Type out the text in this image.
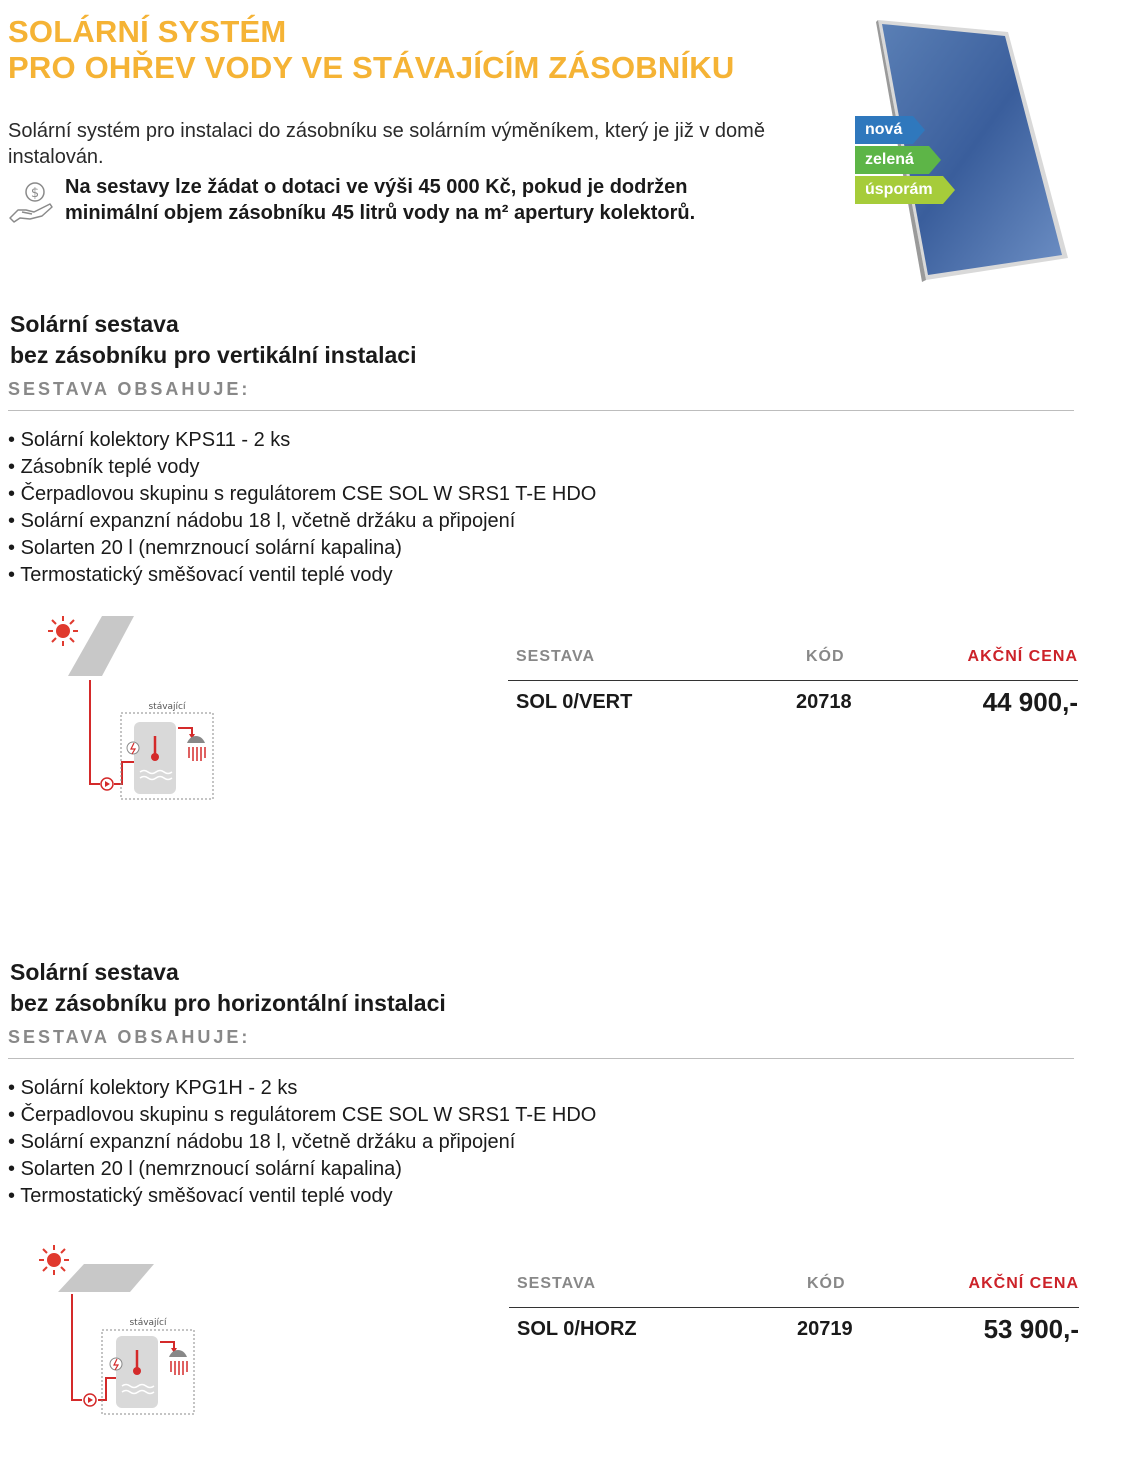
SOLÁRNÍ SYSTÉM
PRO OHŘEV VODY VE STÁVAJÍCÍM ZÁSOBNÍKU
Solární systém pro instalaci do zásobníku se solárním výměníkem, který je již v domě instalován.
$ Na sestavy lze žádat o dotaci ve výši 45 000 Kč, pokud je dodržen
minimální objem zásobníku 45 litrů vody na m² apertury kolektorů.
nová
zelená
úsporám
Solární sestava
bez zásobníku pro vertikální instalaci
SESTAVA OBSAHUJE:
• Solární kolektory KPS11 - 2 ks
• Zásobník teplé vody
• Čerpadlovou skupinu s regulátorem CSE SOL W SRS1 T-E HDO
• Solární expanzní nádobu 18 l, včetně držáku a připojení
• Solarten 20 l (nemrznoucí solární kapalina)
• Termostatický směšovací ventil teplé vody
stávající
SESTAVA	KÓD	AKČNÍ CENA
SOL 0/VERT	20718	44 900,-
Solární sestava
bez zásobníku pro horizontální instalaci
SESTAVA OBSAHUJE:
• Solární kolektory KPG1H - 2 ks
• Čerpadlovou skupinu s regulátorem CSE SOL W SRS1 T-E HDO
• Solární expanzní nádobu 18 l, včetně držáku a připojení
• Solarten 20 l (nemrznoucí solární kapalina)
• Termostatický směšovací ventil teplé vody
stávající
SESTAVA	KÓD	AKČNÍ CENA
SOL 0/HORZ	20719	53 900,-
